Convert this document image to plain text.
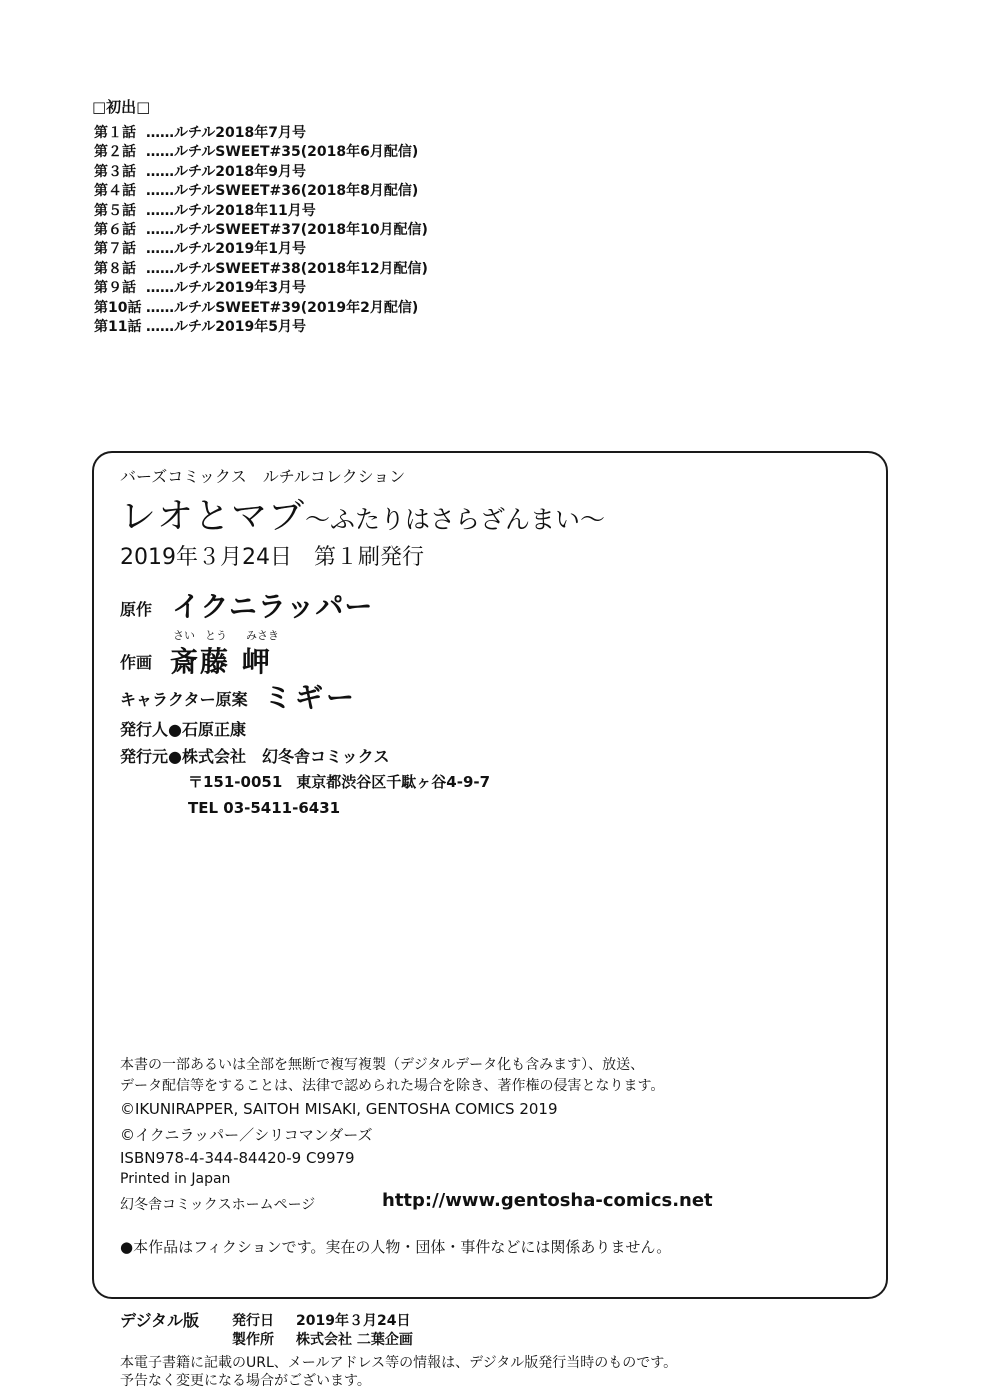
□初出□
第１話 ……ルチル2018年7月号
第２話 ……ルチルSWEET#35(2018年6月配信)
第３話 ……ルチル2018年9月号
第４話 ……ルチルSWEET#36(2018年8月配信)
第５話 ……ルチル2018年11月号
第６話 ……ルチルSWEET#37(2018年10月配信)
第７話 ……ルチル2019年1月号
第８話 ……ルチルSWEET#38(2018年12月配信)
第９話 ……ルチル2019年3月号
第10話 ……ルチルSWEET#39(2019年2月配信)
第11話 ……ルチル2019年5月号
バーズコミックス　ルチルコレクション
レオとマブ～ふたりはさらざんまい～
2019年３月24日 第１刷発行
原作 イクニラッパー
さい とう みさき
作画 斎藤 岬
キャラクター原案 ミギー
発行人●石原正康
発行元●株式会社　幻冬舎コミックス
〒151-0051 東京都渋谷区千駄ヶ谷4-9-7
TEL 03-5411-6431
本書の一部あるいは全部を無断で複写複製（デジタルデータ化も含みます）、放送、
データ配信等をすることは、法律で認められた場合を除き、著作権の侵害となります。
©IKUNIRAPPER, SAITOH MISAKI, GENTOSHA COMICS 2019
©イクニラッパー／シリコマンダーズ
ISBN978-4-344-84420-9 C9979
Printed in Japan
幻冬舎コミックスホームページ	http://www.gentosha-comics.net
●本作品はフィクションです。実在の人物・団体・事件などには関係ありません。
デジタル版 発行日 2019年３月24日
製作所 株式会社 二葉企画
本電子書籍に記載のURL、メールアドレス等の情報は、デジタル版発行当時のものです。
予告なく変更になる場合がございます。
